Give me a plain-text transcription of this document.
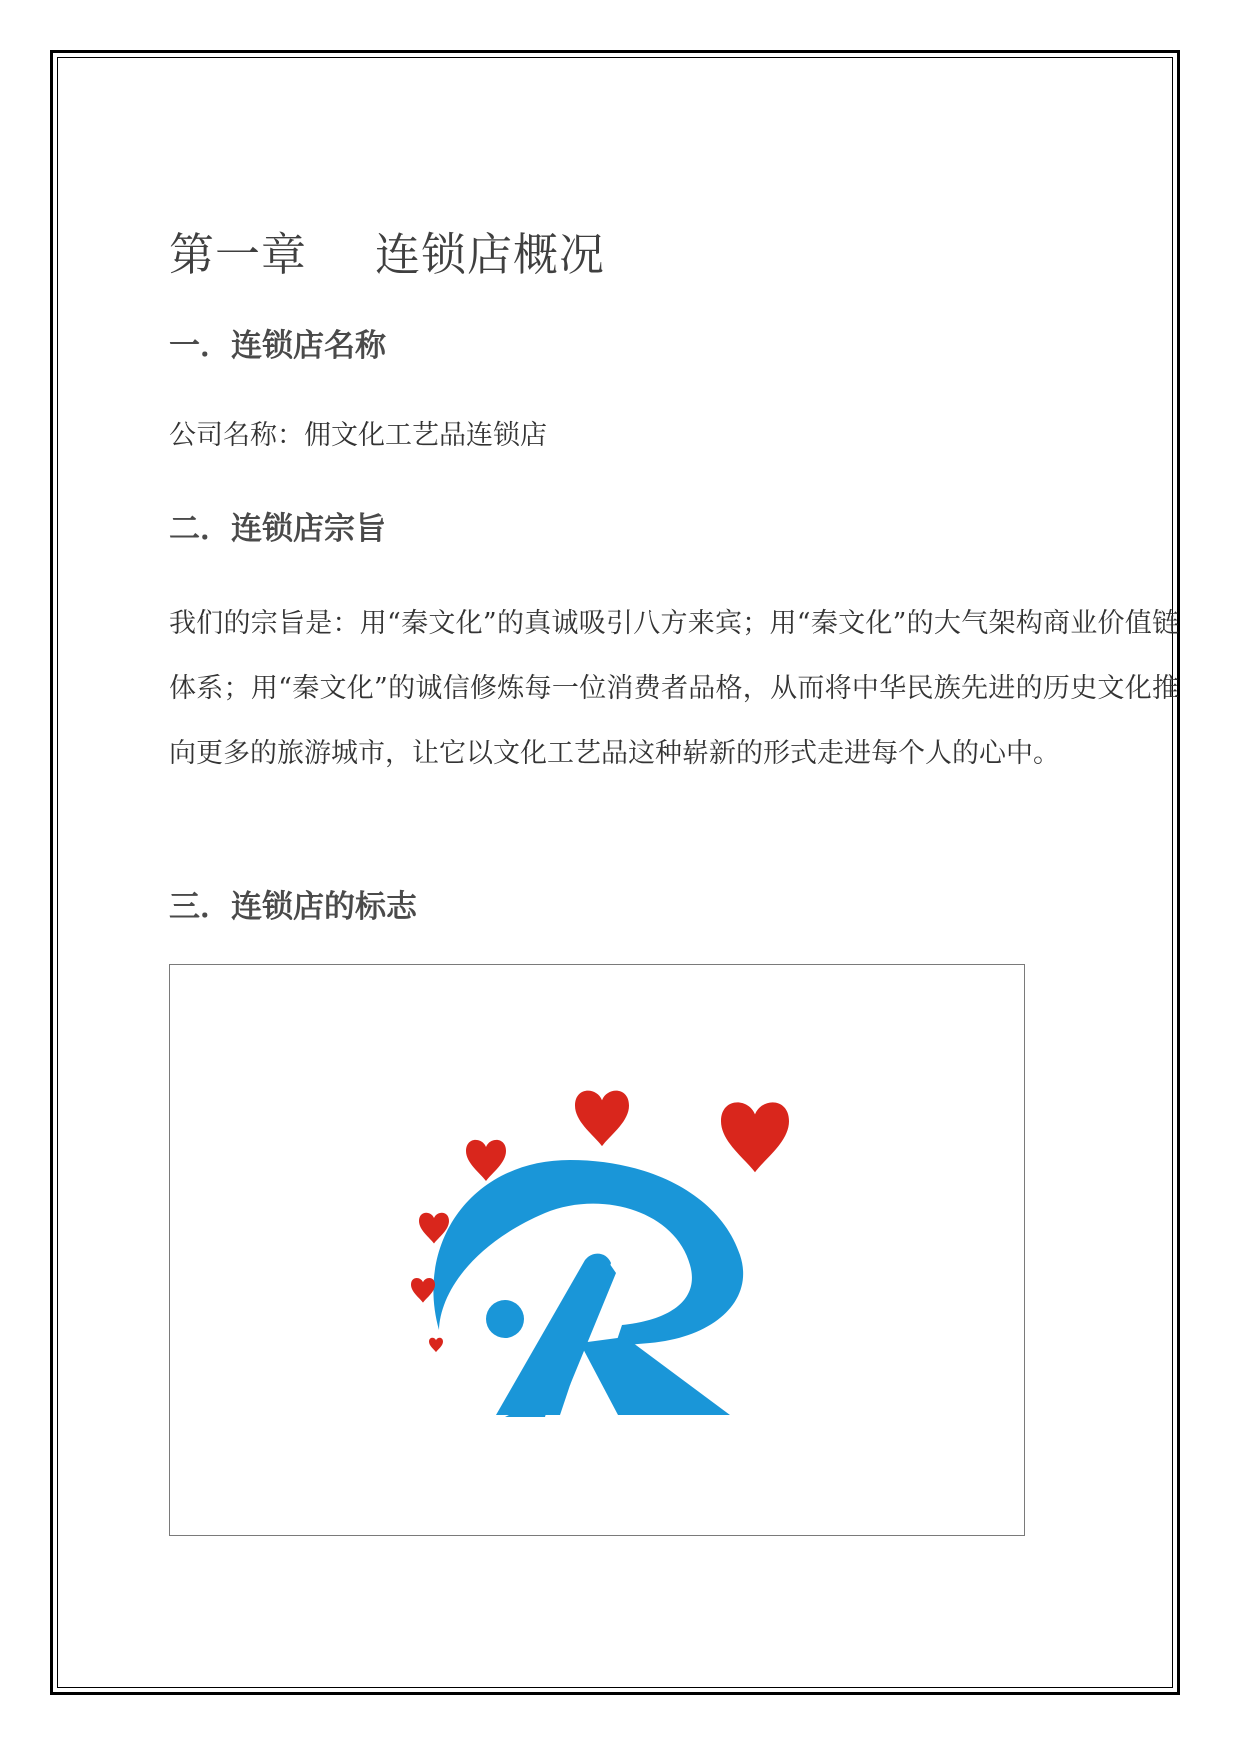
第一章 连锁店概况
一．连锁店名称

公司名称：佣文化工艺品连锁店

二．连锁店宗旨

我们的宗旨是：用“秦文化”的真诚吸引八方来宾；用“秦文化”的大气架构商业价值链体系；用“秦文化”的诚信修炼每一位消费者品格，从而将中华民族先进的历史文化推向更多的旅游城市，让它以文化工艺品这种崭新的形式走进每个人的心中。

三．连锁店的标志
